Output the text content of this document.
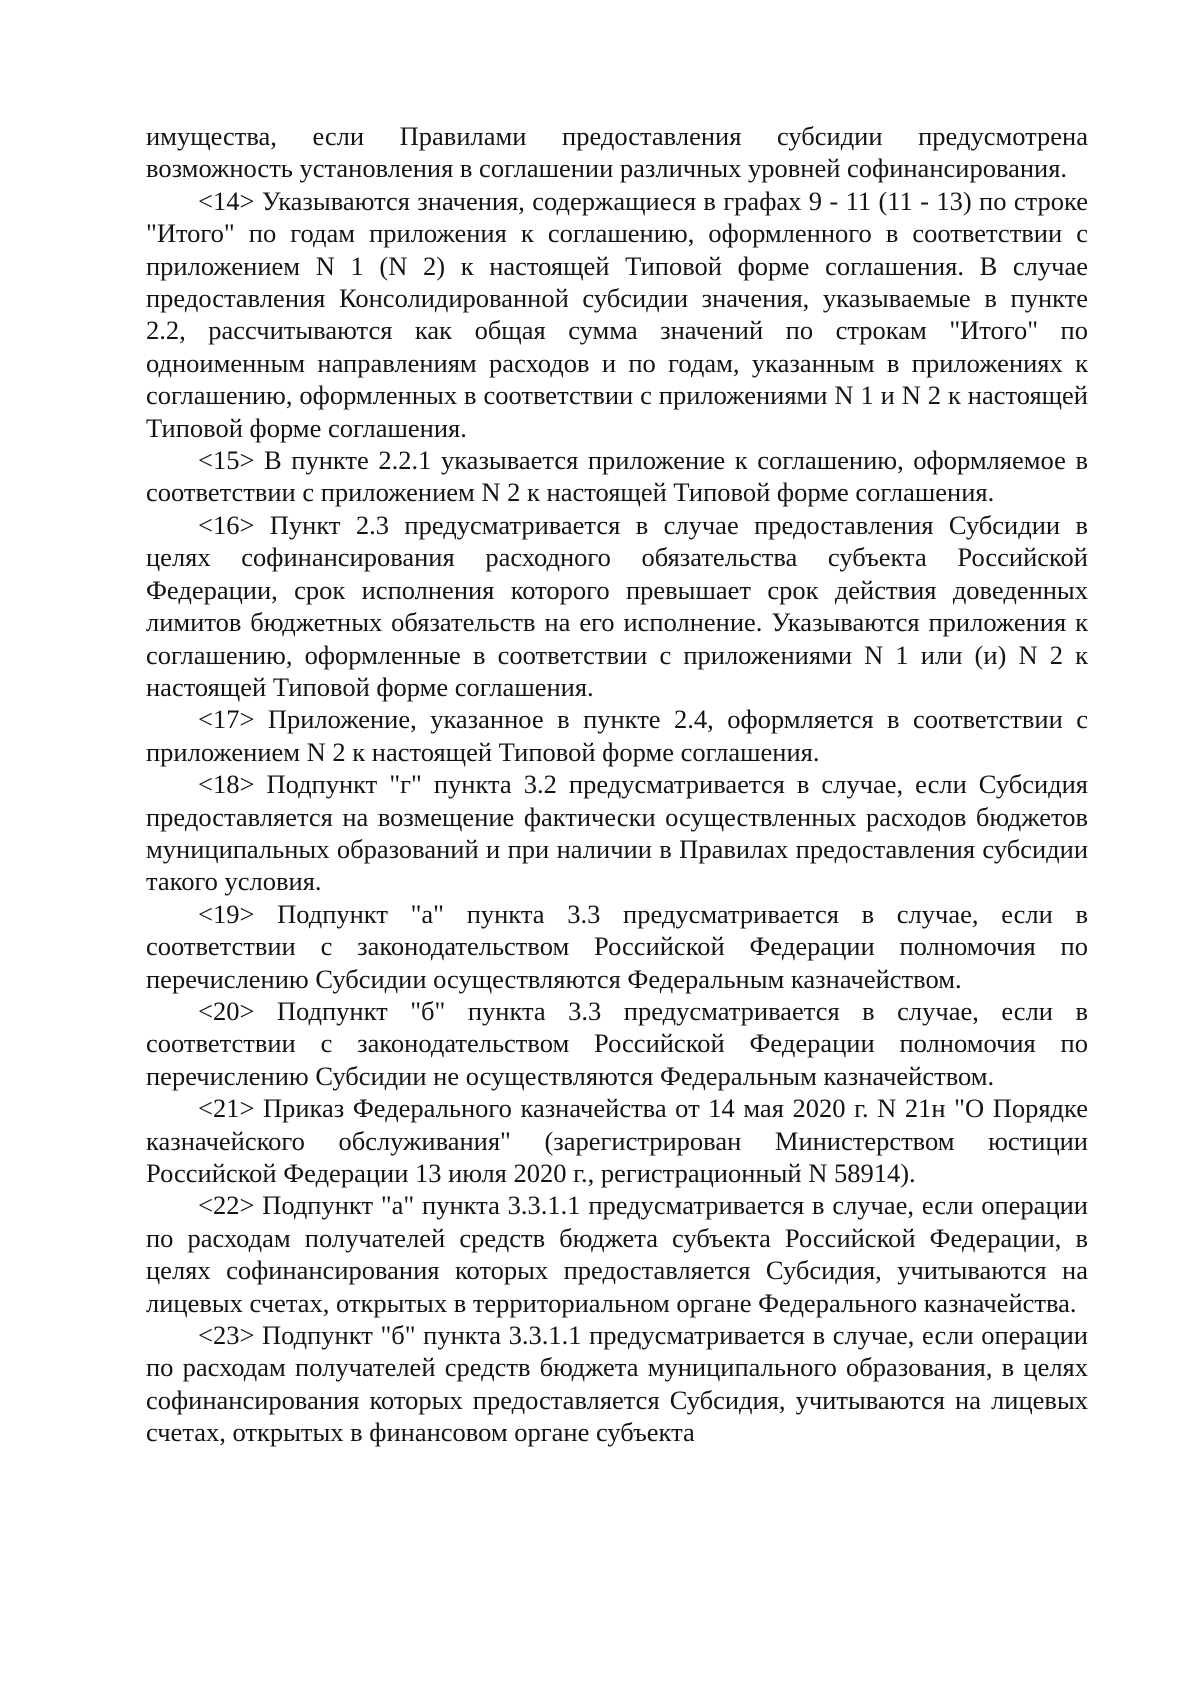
имущества, если Правилами предоставления субсидии предусмотрена возможность установления в соглашении различных уровней софинансирования.

<14> Указываются значения, содержащиеся в графах 9 - 11 (11 - 13) по строке "Итого" по годам приложения к соглашению, оформленного в соответствии с приложением N 1 (N 2) к настоящей Типовой форме соглашения. В случае предоставления Консолидированной субсидии значения, указываемые в пункте 2.2, рассчитываются как общая сумма значений по строкам "Итого" по одноименным направлениям расходов и по годам, указанным в приложениях к соглашению, оформленных в соответствии с приложениями N 1 и N 2 к настоящей Типовой форме соглашения.

<15> В пункте 2.2.1 указывается приложение к соглашению, оформляемое в соответствии с приложением N 2 к настоящей Типовой форме соглашения.

<16> Пункт 2.3 предусматривается в случае предоставления Субсидии в целях софинансирования расходного обязательства субъекта Российской Федерации, срок исполнения которого превышает срок действия доведенных лимитов бюджетных обязательств на его исполнение. Указываются приложения к соглашению, оформленные в соответствии с приложениями N 1 или (и) N 2 к настоящей Типовой форме соглашения.

<17> Приложение, указанное в пункте 2.4, оформляется в соответствии с приложением N 2 к настоящей Типовой форме соглашения.

<18> Подпункт "г" пункта 3.2 предусматривается в случае, если Субсидия предоставляется на возмещение фактически осуществленных расходов бюджетов муниципальных образований и при наличии в Правилах предоставления субсидии такого условия.

<19> Подпункт "а" пункта 3.3 предусматривается в случае, если в соответствии с законодательством Российской Федерации полномочия по перечислению Субсидии осуществляются Федеральным казначейством.

<20> Подпункт "б" пункта 3.3 предусматривается в случае, если в соответствии с законодательством Российской Федерации полномочия по перечислению Субсидии не осуществляются Федеральным казначейством.

<21> Приказ Федерального казначейства от 14 мая 2020 г. N 21н "О Порядке казначейского обслуживания" (зарегистрирован Министерством юстиции Российской Федерации 13 июля 2020 г., регистрационный N 58914).

<22> Подпункт "а" пункта 3.3.1.1 предусматривается в случае, если операции по расходам получателей средств бюджета субъекта Российской Федерации, в целях софинансирования которых предоставляется Субсидия, учитываются на лицевых счетах, открытых в территориальном органе Федерального казначейства.

<23> Подпункт "б" пункта 3.3.1.1 предусматривается в случае, если операции по расходам получателей средств бюджета муниципального образования, в целях софинансирования которых предоставляется Субсидия, учитываются на лицевых счетах, открытых в финансовом органе субъекта
